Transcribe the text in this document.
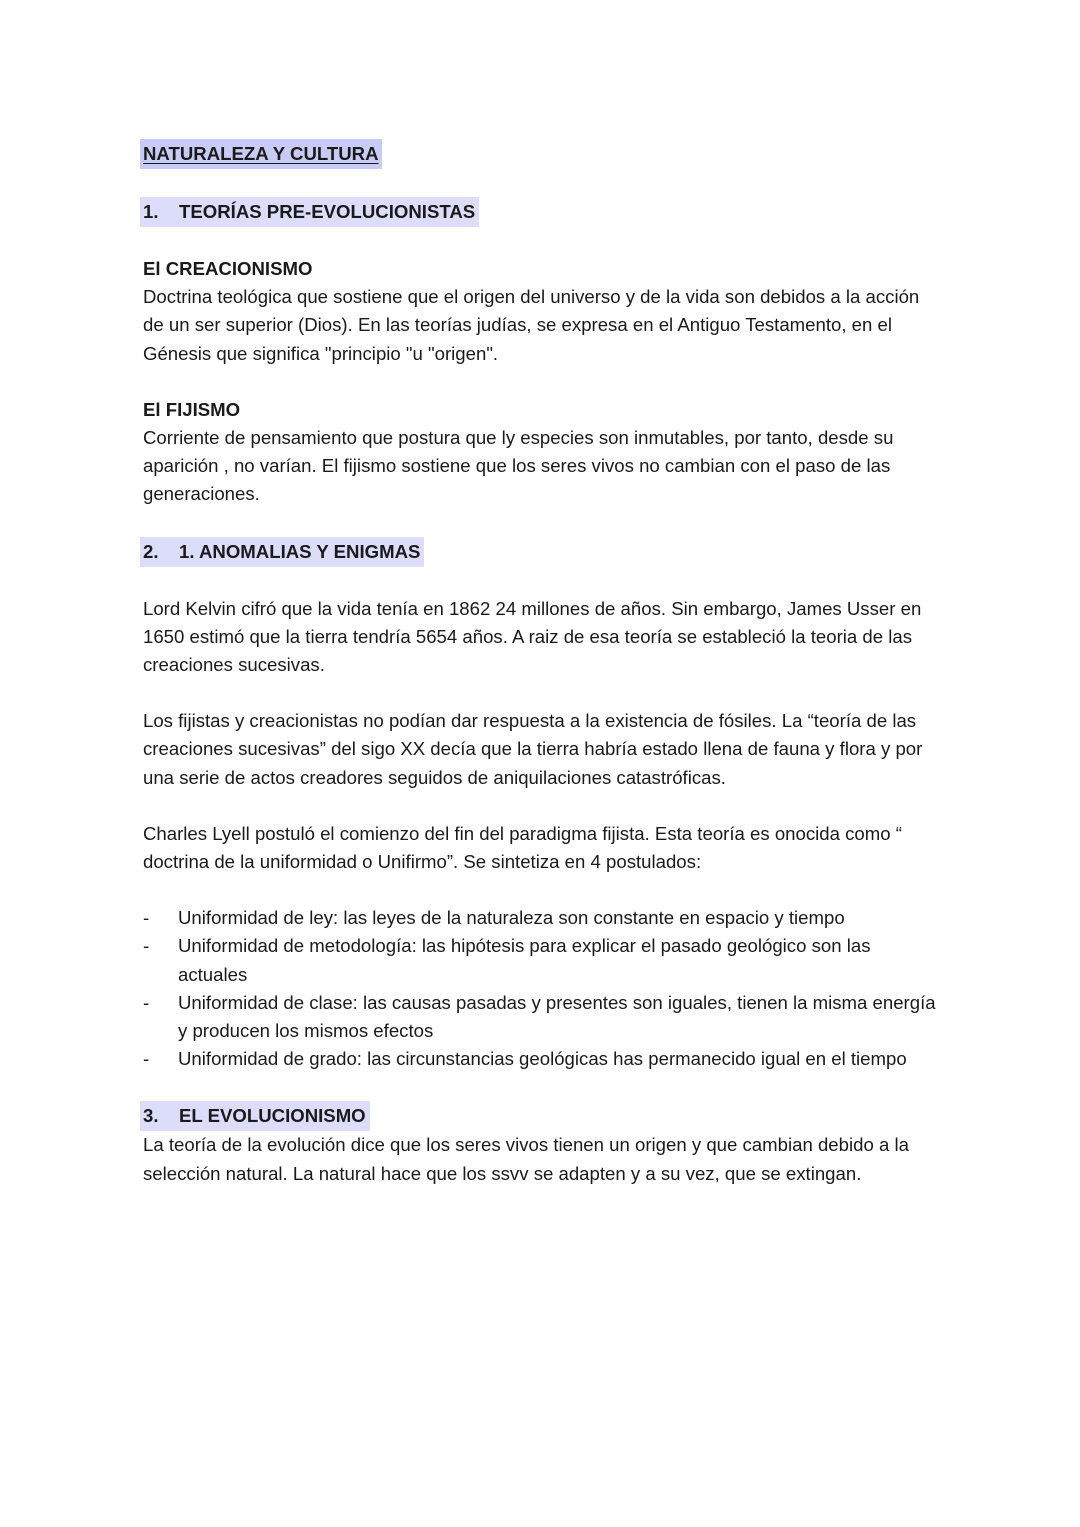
NATURALEZA Y CULTURA
1. TEORÍAS PRE-EVOLUCIONISTAS
El CREACIONISMO

Doctrina teológica que sostiene que el origen del universo y de la vida son debidos a la acción de un ser superior (Dios). En las teorías judías, se expresa en el Antiguo Testamento, en el Génesis que significa "principio "u "origen".

El FIJISMO

Corriente de pensamiento que postura que ly especies son inmutables, por tanto, desde su aparición , no varían. El fijismo sostiene que los seres vivos no cambian con el paso de las generaciones.

2. 1. ANOMALIAS Y ENIGMAS

Lord Kelvin cifró que la vida tenía en 1862 24 millones de años. Sin embargo, James Usser en 1650 estimó que la tierra tendría 5654 años. A raiz de esa teoría se estableció la teoria de las creaciones sucesivas.

Los fijistas y creacionistas no podían dar respuesta a la existencia de fósiles. La “teoría de las creaciones sucesivas” del sigo XX decía que la tierra habría estado llena de fauna y flora y por una serie de actos creadores seguidos de aniquilaciones catastróficas.

Charles Lyell postuló el comienzo del fin del paradigma fijista. Esta teoría es onocida como “ doctrina de la uniformidad o Unifirmo”. Se sintetiza en 4 postulados:

- Uniformidad de ley: las leyes de la naturaleza son constante en espacio y tiempo
- Uniformidad de metodología: las hipótesis para explicar el pasado geológico son las actuales
- Uniformidad de clase: las causas pasadas y presentes son iguales, tienen la misma energía y producen los mismos efectos
- Uniformidad de grado: las circunstancias geológicas has permanecido igual en el tiempo
3. EL EVOLUCIONISMO

La teoría de la evolución dice que los seres vivos tienen un origen y que cambian debido a la selección natural. La natural hace que los ssvv se adapten y a su vez, que se extingan.
